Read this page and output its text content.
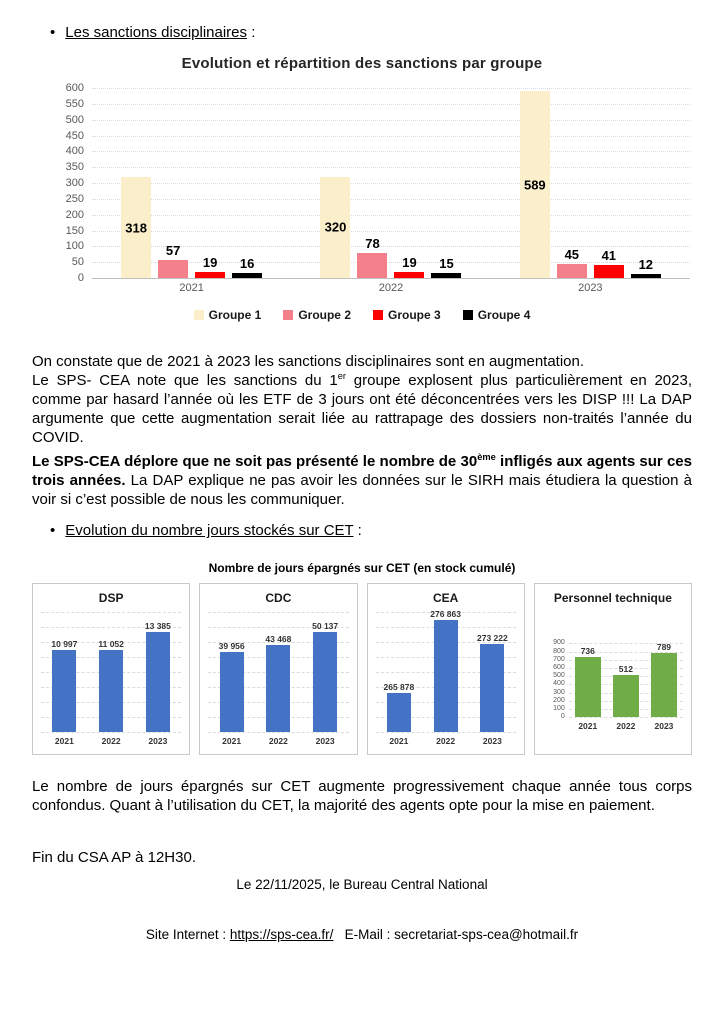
• Les sanctions disciplinaires :
Evolution et répartition des sanctions par groupe
600
550
500
450
400
350
300
250
200
150
100
50
0
318
57
19 16
320
78
19 15
589
45 41
12
2021	2022	2023
Groupe 1	Groupe 2	Groupe 3	Groupe 4

On constate que de 2021 à 2023 les sanctions disciplinaires sont en augmentation.

Le SPS- CEA note que les sanctions du 1er groupe explosent plus particulièrement en 2023, comme par hasard l’année où les ETF de 3 jours ont été déconcentrées vers les DISP !!! La DAP argumente que cette augmentation serait liée au rattrapage des dossiers non-traités l’année du COVID.

Le SPS-CEA déplore que ne soit pas présenté le nombre de 30ème infligés aux agents sur ces trois années. La DAP explique ne pas avoir les données sur le SIRH mais étudiera la question à voir si c’est possible de nous les communiquer.

• Evolution du nombre jours stockés sur CET :
Nombre de jours épargnés sur CET (en stock cumulé)
DSP
10 997 11 052
13 385
2021	2022	2023
CDC
39 956
43 468
50 137
2021	2022	2023
CEA
265 878
276 863
273 222
2021	2022	2023
Personnel technique
900
800
700
600
500
400
300
200
100
0
736
512
789
2021 2022 2023

Le nombre de jours épargnés sur CET augmente progressivement chaque année tous corps confondus. Quant à l’utilisation du CET, la majorité des agents opte pour la mise en paiement.

Fin du CSA AP à 12H30.

Le 22/11/2025, le Bureau Central National

Site Internet : https://sps-cea.fr/   E-Mail : secretariat-sps-cea@hotmail.fr
